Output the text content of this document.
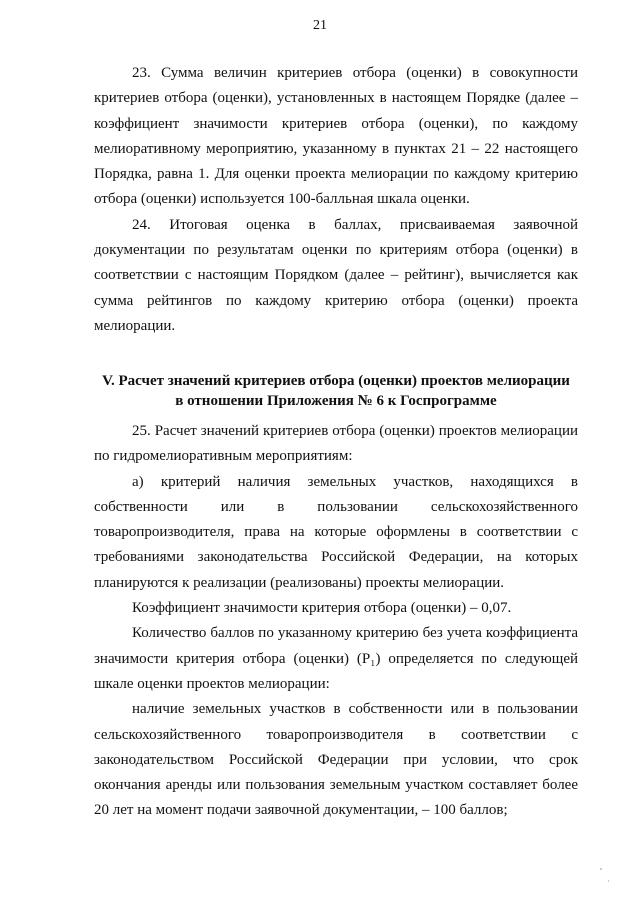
21

23. Сумма величин критериев отбора (оценки) в совокупности критериев отбора (оценки), установленных в настоящем Порядке (далее – коэффициент значимости критериев отбора (оценки), по каждому мелиоративному мероприятию, указанному в пунктах 21 – 22 настоящего Порядка, равна 1. Для оценки проекта мелиорации по каждому критерию отбора (оценки) используется 100-балльная шкала оценки.

24. Итоговая оценка в баллах, присваиваемая заявочной документации по результатам оценки по критериям отбора (оценки) в соответствии с настоящим Порядком (далее – рейтинг), вычисляется как сумма рейтингов по каждому критерию отбора (оценки) проекта мелиорации.

V. Расчет значений критериев отбора (оценки) проектов мелиорации

в отношении Приложения № 6 к Госпрограмме

25. Расчет значений критериев отбора (оценки) проектов мелиорации по гидромелиоративным мероприятиям:

а) критерий наличия земельных участков, находящихся в собственности или в пользовании сельскохозяйственного товаропроизводителя, права на которые оформлены в соответствии с требованиями законодательства Российской Федерации, на которых планируются к реализации (реализованы) проекты мелиорации.

Коэффициент значимости критерия отбора (оценки) – 0,07.

Количество баллов по указанному критерию без учета коэффициента значимости критерия отбора (оценки) (P₁) определяется по следующей шкале оценки проектов мелиорации:

наличие земельных участков в собственности или в пользовании сельскохозяйственного товаропроизводителя в соответствии с законодательством Российской Федерации при условии, что срок окончания аренды или пользования земельным участком составляет более 20 лет на момент подачи заявочной документации, – 100 баллов;
